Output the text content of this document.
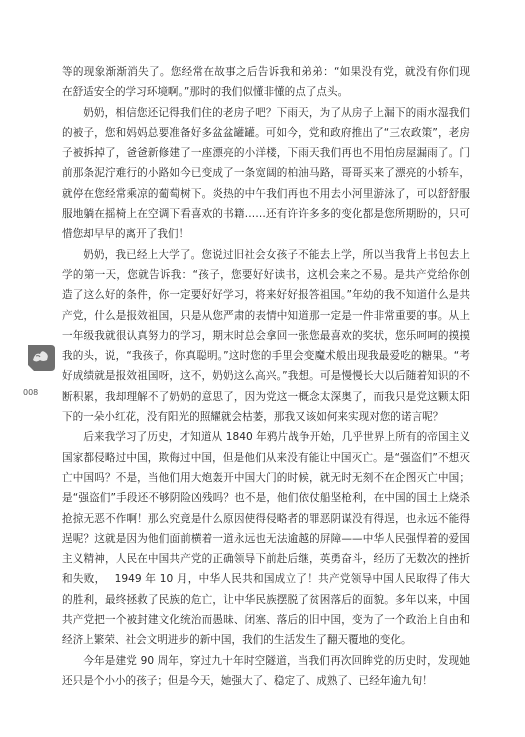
等的现象渐渐消失了。您经常在故事之后告诉我和弟弟：“如果没有党，就没有你们现在舒适安全的学习环境啊。”那时的我们似懂非懂的点了点头。

奶奶，相信您还记得我们住的老房子吧？下雨天，为了从房子上漏下的雨水湿我们的被子，您和妈妈总要准备好多盆盆罐罐。可如今，党和政府推出了“三农政策”，老房子被拆掉了，爸爸新修建了一座漂亮的小洋楼，下雨天我们再也不用怕房屋漏雨了。门前那条泥泞难行的小路如今已变成了一条宽阔的柏油马路，哥哥买来了漂亮的小轿车，就停在您经常乘凉的葡萄树下。炎热的中午我们再也不用去小河里游泳了，可以舒舒服服地躺在摇椅上在空调下看喜欢的书籍……还有许许多多的变化都是您所期盼的，只可惜您却早早的离开了我们！

奶奶，我已经上大学了。您说过旧社会女孩子不能去上学，所以当我背上书包去上学的第一天，您就告诉我：“孩子，您要好好读书，这机会来之不易。是共产党给你创造了这么好的条件，你一定要好好学习，将来好好报答祖国。”年幼的我不知道什么是共产党，什么是报效祖国，只是从您严肃的表情中知道那一定是一件非常重要的事。从上一年级我就很认真努力的学习，期末时总会拿回一张您最喜欢的奖状，您乐呵呵的摸摸我的头，说，“我孩子，你真聪明。”这时您的手里会变魔术般出现我最爱吃的糖果。“考好成绩就是报效祖国呀，这不，奶奶这么高兴。”我想。可是慢慢长大以后随着知识的不断积累，我却理解不了奶奶的意思了，因为党这一概念太深奥了，而我只是党这颗太阳下的一朵小红花，没有阳光的照耀就会枯萎，那我又该如何来实现对您的诺言呢？

后来我学习了历史，才知道从 1840 年鸦片战争开始，几乎世界上所有的帝国主义国家都侵略过中国，欺侮过中国，但是他们从来没有能让中国灭亡。是“强盗们”不想灭亡中国吗？不是，当他们用大炮轰开中国大门的时候，就无时无刻不在企图灭亡中国；是“强盗们”手段还不够阴险凶残吗？也不是，他们依仗船坚枪利，在中国的国土上烧杀抢掠无恶不作啊！那么究竟是什么原因使得侵略者的罪恶阴谋没有得逞，也永远不能得逞呢？这就是因为他们面前横着一道永远也无法逾越的屏障——中华人民强悍着的爱国主义精神，人民在中国共产党的正确领导下前赴后继，英勇奋斗，经历了无数次的挫折和失败，　 1949 年 10 月，中华人民共和国成立了！共产党领导中国人民取得了伟大的胜利，最终拯救了民族的危亡，让中华民族摆脱了贫困落后的面貌。多年以来，中国共产党把一个被封建文化统治而愚昧、闭塞、落后的旧中国，变为了一个政治上自由和经济上繁荣、社会文明进步的新中国，我们的生活发生了翻天覆地的变化。

今年是建党 90 周年，穿过九十年时空隧道，当我们再次回眸党的历史时，发现她还只是个小小的孩子；但是今天，她强大了、稳定了、成熟了、已经年逾九旬！

008
